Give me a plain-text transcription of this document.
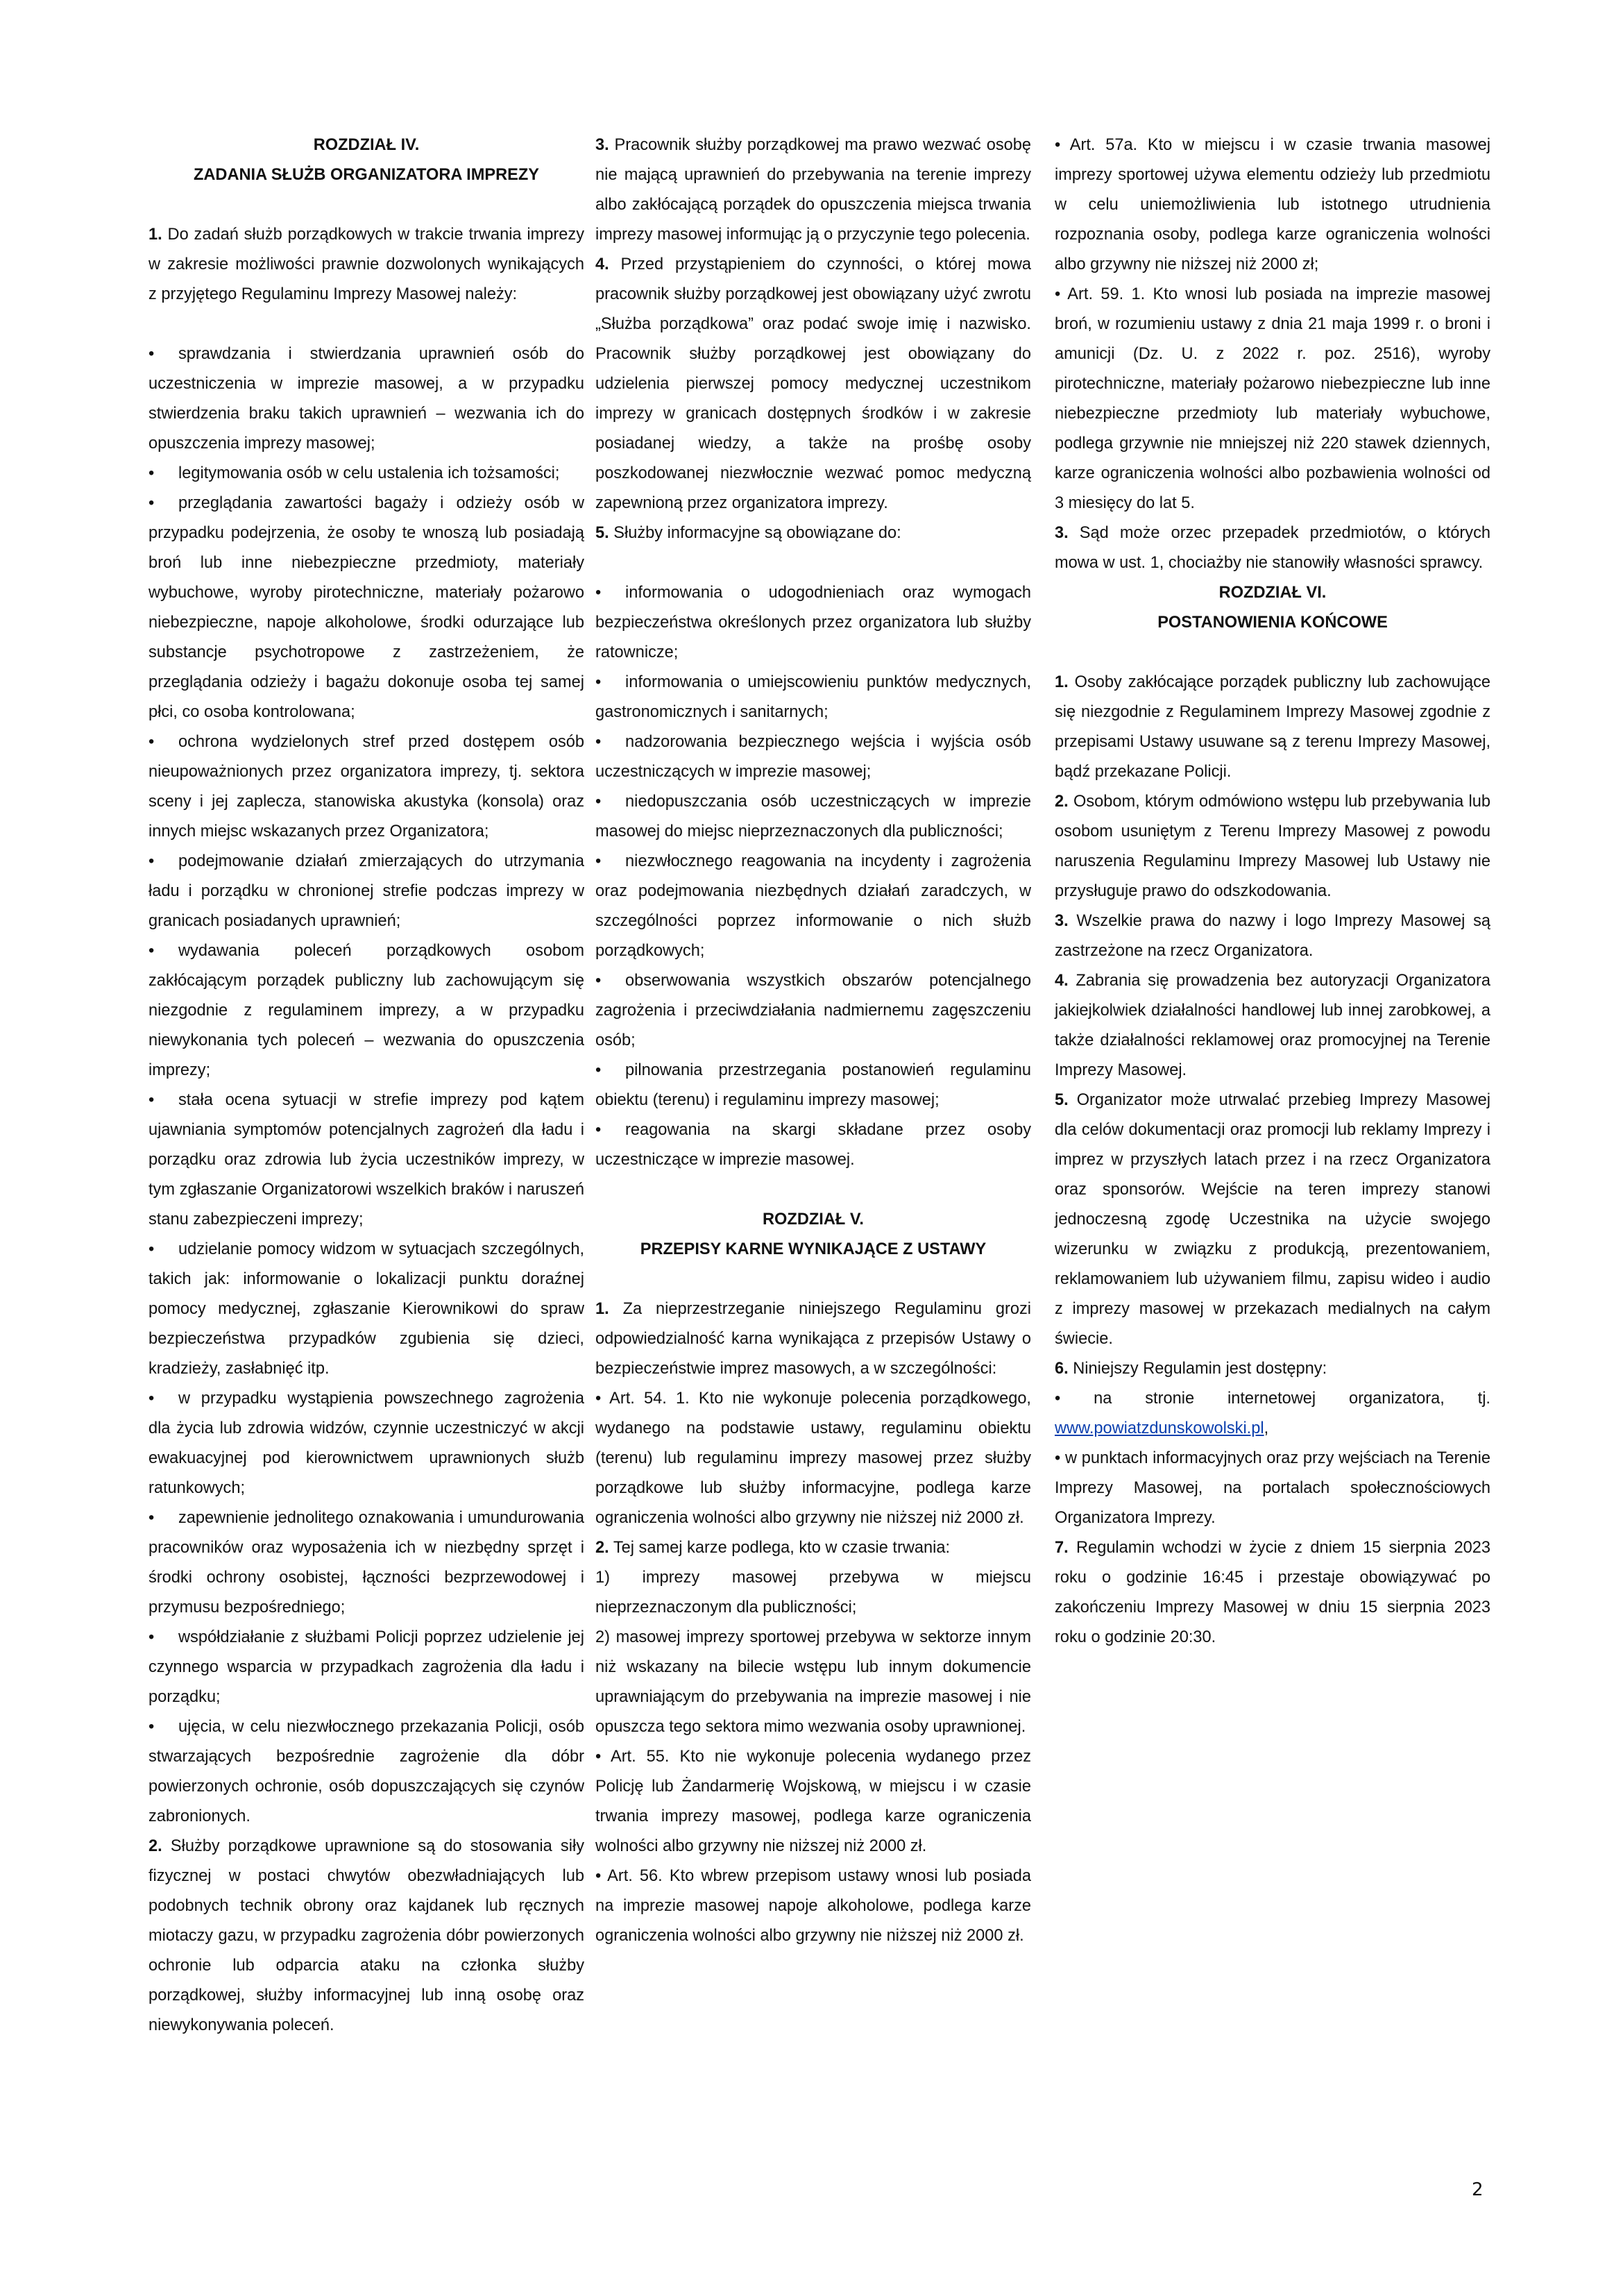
ROZDZIAŁ IV.

ZADANIA SŁUŻB ORGANIZATORA IMPREZY

1. Do zadań służb porządkowych w trakcie trwania imprezy w zakresie możliwości prawnie dozwolonych wynikających z przyjętego Regulaminu Imprezy Masowej należy:

• sprawdzania i stwierdzania uprawnień osób do uczestniczenia w imprezie masowej, a w przypadku stwierdzenia braku takich uprawnień – wezwania ich do opuszczenia imprezy masowej;

• legitymowania osób w celu ustalenia ich tożsamości;

• przeglądania zawartości bagaży i odzieży osób w przypadku podejrzenia, że osoby te wnoszą lub posiadają broń lub inne niebezpieczne przedmioty, materiały wybuchowe, wyroby pirotechniczne, materiały pożarowo niebezpieczne, napoje alkoholowe, środki odurzające lub substancje psychotropowe z zastrzeżeniem, że przeglądania odzieży i bagażu dokonuje osoba tej samej płci, co osoba kontrolowana;

• ochrona wydzielonych stref przed dostępem osób nieupoważnionych przez organizatora imprezy, tj. sektora sceny i jej zaplecza, stanowiska akustyka (konsola) oraz innych miejsc wskazanych przez Organizatora;

• podejmowanie działań zmierzających do utrzymania ładu i porządku w chronionej strefie podczas imprezy w granicach posiadanych uprawnień;

• wydawania poleceń porządkowych osobom zakłócającym porządek publiczny lub zachowującym się niezgodnie z regulaminem imprezy, a w przypadku niewykonania tych poleceń – wezwania do opuszczenia imprezy;

• stała ocena sytuacji w strefie imprezy pod kątem ujawniania symptomów potencjalnych zagrożeń dla ładu i porządku oraz zdrowia lub życia uczestników imprezy, w tym zgłaszanie Organizatorowi wszelkich braków i naruszeń stanu zabezpieczeni imprezy;

• udzielanie pomocy widzom w sytuacjach szczególnych, takich jak: informowanie o lokalizacji punktu doraźnej pomocy medycznej, zgłaszanie Kierownikowi do spraw bezpieczeństwa przypadków zgubienia się dzieci, kradzieży, zasłabnięć itp.

• w przypadku wystąpienia powszechnego zagrożenia dla życia lub zdrowia widzów, czynnie uczestniczyć w akcji ewakuacyjnej pod kierownictwem uprawnionych służb ratunkowych;

• zapewnienie jednolitego oznakowania i umundurowania pracowników oraz wyposażenia ich w niezbędny sprzęt i środki ochrony osobistej, łączności bezprzewodowej i przymusu bezpośredniego;

• współdziałanie z służbami Policji poprzez udzielenie jej czynnego wsparcia w przypadkach zagrożenia dla ładu i porządku;

• ujęcia, w celu niezwłocznego przekazania Policji, osób stwarzających bezpośrednie zagrożenie dla dóbr powierzonych ochronie, osób dopuszczających się czynów zabronionych.

2. Służby porządkowe uprawnione są do stosowania siły fizycznej w postaci chwytów obezwładniających lub podobnych technik obrony oraz kajdanek lub ręcznych miotaczy gazu, w przypadku zagrożenia dóbr powierzonych ochronie lub odparcia ataku na członka służby porządkowej, służby informacyjnej lub inną osobę oraz niewykonywania poleceń.

3. Pracownik służby porządkowej ma prawo wezwać osobę nie mającą uprawnień do przebywania na terenie imprezy albo zakłócającą porządek do opuszczenia miejsca trwania imprezy masowej informując ją o przyczynie tego polecenia.

4. Przed przystąpieniem do czynności, o której mowa pracownik służby porządkowej jest obowiązany użyć zwrotu „Służba porządkowa” oraz podać swoje imię i nazwisko. Pracownik służby porządkowej jest obowiązany do udzielenia pierwszej pomocy medycznej uczestnikom imprezy w granicach dostępnych środków i w zakresie posiadanej wiedzy, a także na prośbę osoby poszkodowanej niezwłocznie wezwać pomoc medyczną zapewnioną przez organizatora imprezy.

5. Służby informacyjne są obowiązane do:

• informowania o udogodnieniach oraz wymogach bezpieczeństwa określonych przez organizatora lub służby ratownicze;

• informowania o umiejscowieniu punktów medycznych, gastronomicznych i sanitarnych;

• nadzorowania bezpiecznego wejścia i wyjścia osób uczestniczących w imprezie masowej;

• niedopuszczania osób uczestniczących w imprezie masowej do miejsc nieprzeznaczonych dla publiczności;

• niezwłocznego reagowania na incydenty i zagrożenia oraz podejmowania niezbędnych działań zaradczych, w szczególności poprzez informowanie o nich służb porządkowych;

• obserwowania wszystkich obszarów potencjalnego zagrożenia i przeciwdziałania nadmiernemu zagęszczeniu osób;

• pilnowania przestrzegania postanowień regulaminu obiektu (terenu) i regulaminu imprezy masowej;

• reagowania na skargi składane przez osoby uczestniczące w imprezie masowej.

ROZDZIAŁ V.

PRZEPISY KARNE WYNIKAJĄCE Z USTAWY

1. Za nieprzestrzeganie niniejszego Regulaminu grozi odpowiedzialność karna wynikająca z przepisów Ustawy o bezpieczeństwie imprez masowych, a w szczególności:

• Art. 54. 1. Kto nie wykonuje polecenia porządkowego, wydanego na podstawie ustawy, regulaminu obiektu (terenu) lub regulaminu imprezy masowej przez służby porządkowe lub służby informacyjne, podlega karze ograniczenia wolności albo grzywny nie niższej niż 2000 zł.

2. Tej samej karze podlega, kto w czasie trwania:

1) imprezy masowej przebywa w miejscu nieprzeznaczonym dla publiczności;

2) masowej imprezy sportowej przebywa w sektorze innym niż wskazany na bilecie wstępu lub innym dokumencie uprawniającym do przebywania na imprezie masowej i nie opuszcza tego sektora mimo wezwania osoby uprawnionej.

• Art. 55. Kto nie wykonuje polecenia wydanego przez Policję lub Żandarmerię Wojskową, w miejscu i w czasie trwania imprezy masowej, podlega karze ograniczenia wolności albo grzywny nie niższej niż 2000 zł.

• Art. 56. Kto wbrew przepisom ustawy wnosi lub posiada na imprezie masowej napoje alkoholowe, podlega karze ograniczenia wolności albo grzywny nie niższej niż 2000 zł.

• Art. 57a. Kto w miejscu i w czasie trwania masowej imprezy sportowej używa elementu odzieży lub przedmiotu w celu uniemożliwienia lub istotnego utrudnienia rozpoznania osoby, podlega karze ograniczenia wolności albo grzywny nie niższej niż 2000 zł;

• Art. 59. 1. Kto wnosi lub posiada na imprezie masowej broń, w rozumieniu ustawy z dnia 21 maja 1999 r. o broni i amunicji (Dz. U. z 2022 r. poz. 2516), wyroby pirotechniczne, materiały pożarowo niebezpieczne lub inne niebezpieczne przedmioty lub materiały wybuchowe, podlega grzywnie nie mniejszej niż 220 stawek dziennych, karze ograniczenia wolności albo pozbawienia wolności od 3 miesięcy do lat 5.

3. Sąd może orzec przepadek przedmiotów, o których mowa w ust. 1, chociażby nie stanowiły własności sprawcy.

ROZDZIAŁ VI.

POSTANOWIENIA KOŃCOWE

1. Osoby zakłócające porządek publiczny lub zachowujące się niezgodnie z Regulaminem Imprezy Masowej zgodnie z przepisami Ustawy usuwane są z terenu Imprezy Masowej, bądź przekazane Policji.

2. Osobom, którym odmówiono wstępu lub przebywania lub osobom usuniętym z Terenu Imprezy Masowej z powodu naruszenia Regulaminu Imprezy Masowej lub Ustawy nie przysługuje prawo do odszkodowania.

3. Wszelkie prawa do nazwy i logo Imprezy Masowej są zastrzeżone na rzecz Organizatora.

4. Zabrania się prowadzenia bez autoryzacji Organizatora jakiejkolwiek działalności handlowej lub innej zarobkowej, a także działalności reklamowej oraz promocyjnej na Terenie Imprezy Masowej.

5. Organizator może utrwalać przebieg Imprezy Masowej dla celów dokumentacji oraz promocji lub reklamy Imprezy i imprez w przyszłych latach przez i na rzecz Organizatora oraz sponsorów. Wejście na teren imprezy stanowi jednoczesną zgodę Uczestnika na użycie swojego wizerunku w związku z produkcją, prezentowaniem, reklamowaniem lub używaniem filmu, zapisu wideo i audio z imprezy masowej w przekazach medialnych na całym świecie.

6. Niniejszy Regulamin jest dostępny:

• na stronie internetowej organizatora, tj. www.powiatzdunskowolski.pl,

• w punktach informacyjnych oraz przy wejściach na Terenie Imprezy Masowej, na portalach społecznościowych Organizatora Imprezy.

7. Regulamin wchodzi w życie z dniem 15 sierpnia 2023 roku o godzinie 16:45 i przestaje obowiązywać po zakończeniu Imprezy Masowej w dniu 15 sierpnia 2023 roku o godzinie 20:30.

2
